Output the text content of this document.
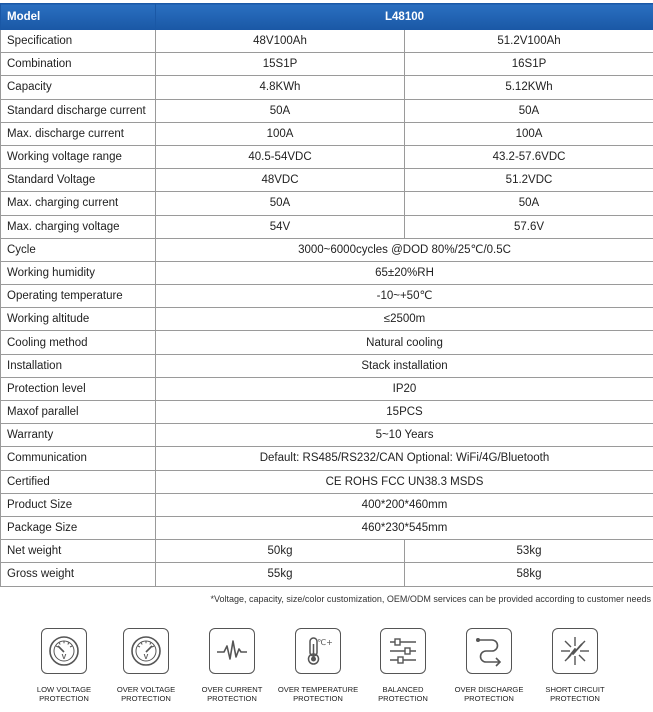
Model	L48100	
Specification	48V100Ah	51.2V100Ah
Combination	15S1P	16S1P
Capacity	4.8KWh	5.12KWh
Standard discharge current	50A	50A
Max. discharge current	100A	100A
Working voltage range	40.5-54VDC	43.2-57.6VDC
Standard Voltage	48VDC	51.2VDC
Max. charging current	50A	50A
Max. charging voltage	54V	57.6V
Cycle	3000~6000cycles @DOD 80%/25℃/0.5C	
Working humidity	65±20%RH	
Operating temperature	-10~+50℃	
Working altitude	≤2500m	
Cooling method	Natural cooling	
Installation	Stack installation	
Protection level	IP20	
Maxof parallel	15PCS	
Warranty	5~10 Years	
Communication	Default: RS485/RS232/CAN Optional: WiFi/4G/Bluetooth	
Certified	CE ROHS FCC UN38.3 MSDS	
Product Size	400*200*460mm	
Package Size	460*230*545mm	
Net weight	50kg	53kg
Gross weight	55kg	58kg
*Voltage, capacity, size/color customization, OEM/ODM services can be provided according to customer needs
V
LOW VOLTAGE
PROTECTION
V
OVER VOLTAGE
PROTECTION
OVER CURRENT
PROTECTION
℃+
OVER TEMPERATURE
PROTECTION
BALANCED
PROTECTION
OVER DISCHARGE
PROTECTION
SHORT CIRCUIT
PROTECTION
